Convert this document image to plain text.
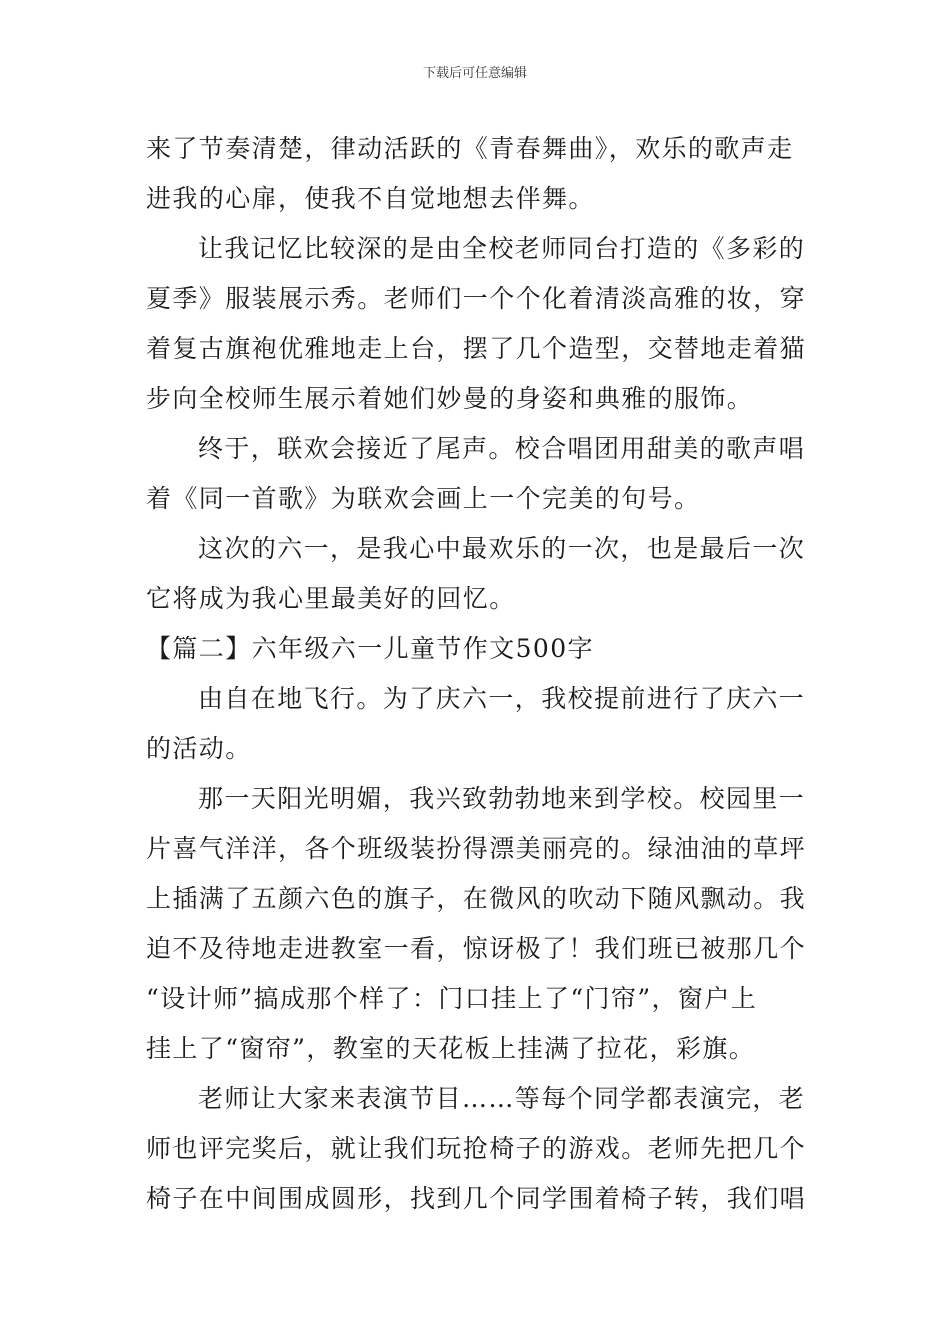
下载后可任意编辑
来了节奏清楚，律动活跃的《青春舞曲》，欢乐的歌声走
进我的心扉，使我不自觉地想去伴舞。
让我记忆比较深的是由全校老师同台打造的《多彩的
夏季》服装展示秀。老师们一个个化着清淡高雅的妆，穿
着复古旗袍优雅地走上台，摆了几个造型，交替地走着猫
步向全校师生展示着她们妙曼的身姿和典雅的服饰。
终于，联欢会接近了尾声。校合唱团用甜美的歌声唱
着《同一首歌》为联欢会画上一个完美的句号。
这次的六一，是我心中最欢乐的一次，也是最后一次
它将成为我心里最美好的回忆。
【篇二】六年级六一儿童节作文500字
由自在地飞行。为了庆六一，我校提前进行了庆六一
的活动。
那一天阳光明媚，我兴致勃勃地来到学校。校园里一
片喜气洋洋，各个班级装扮得漂美丽亮的。绿油油的草坪
上插满了五颜六色的旗子，在微风的吹动下随风飘动。我
迫不及待地走进教室一看，惊讶极了！我们班已被那几个
“设计师”搞成那个样了：门口挂上了“门帘”，窗户上
挂上了“窗帘”，教室的天花板上挂满了拉花，彩旗。
老师让大家来表演节目……等每个同学都表演完，老
师也评完奖后，就让我们玩抢椅子的游戏。老师先把几个
椅子在中间围成圆形，找到几个同学围着椅子转，我们唱
